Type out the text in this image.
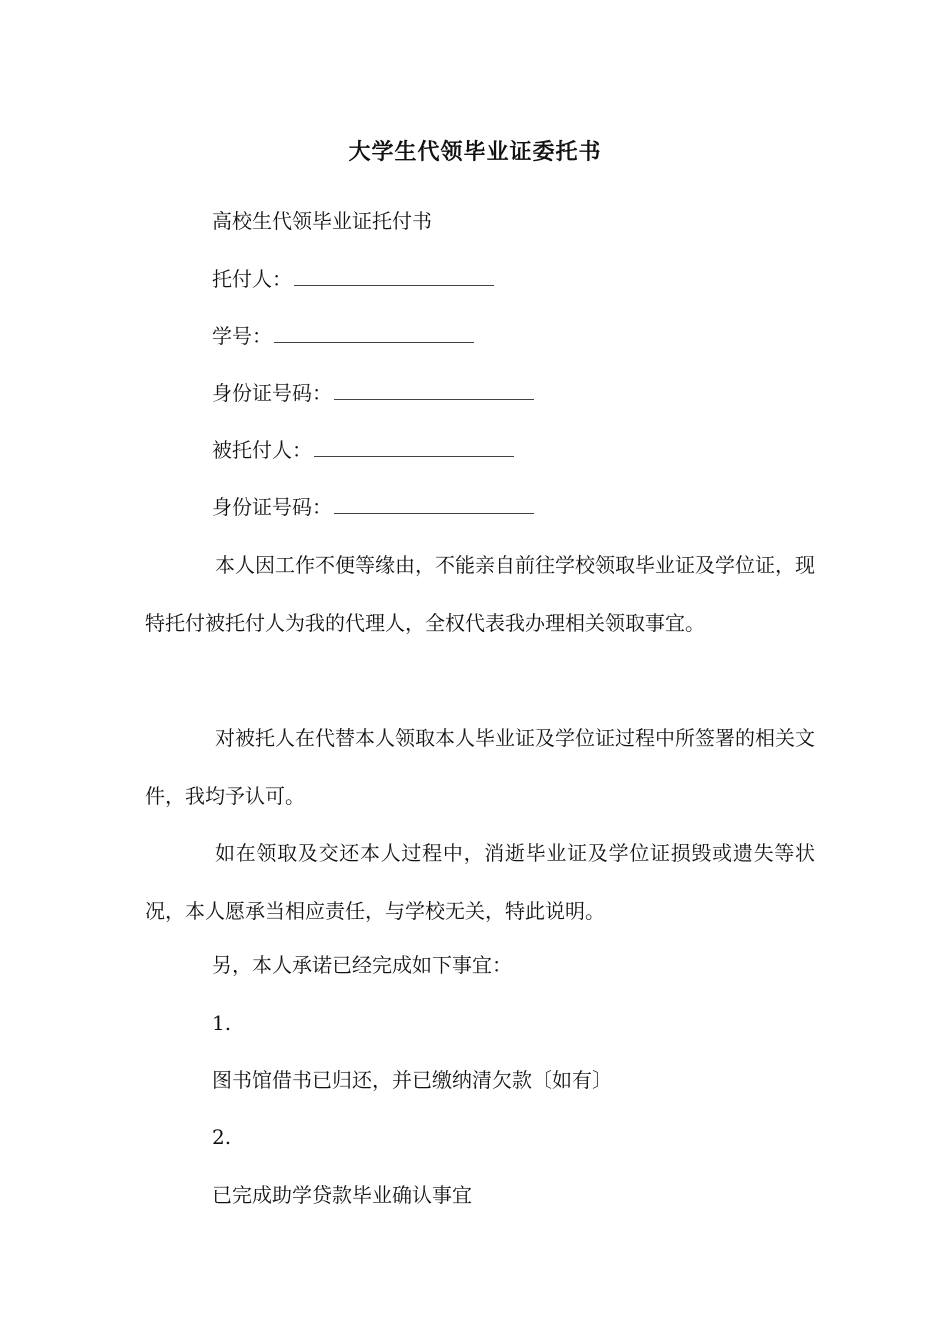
大学生代领毕业证委托书
高校生代领毕业证托付书
托付人：
学号：
身份证号码：
被托付人：
身份证号码：
本人因工作不便等缘由，不能亲自前往学校领取毕业证及学位证，现特托付被托付人为我的代理人，全权代表我办理相关领取事宜。
对被托人在代替本人领取本人毕业证及学位证过程中所签署的相关文件，我均予认可。
如在领取及交还本人过程中，消逝毕业证及学位证损毁或遗失等状况，本人愿承当相应责任，与学校无关，特此说明。
另，本人承诺已经完成如下事宜：
1.
图书馆借书已归还，并已缴纳清欠款〔如有〕
2.
已完成助学贷款毕业确认事宜
